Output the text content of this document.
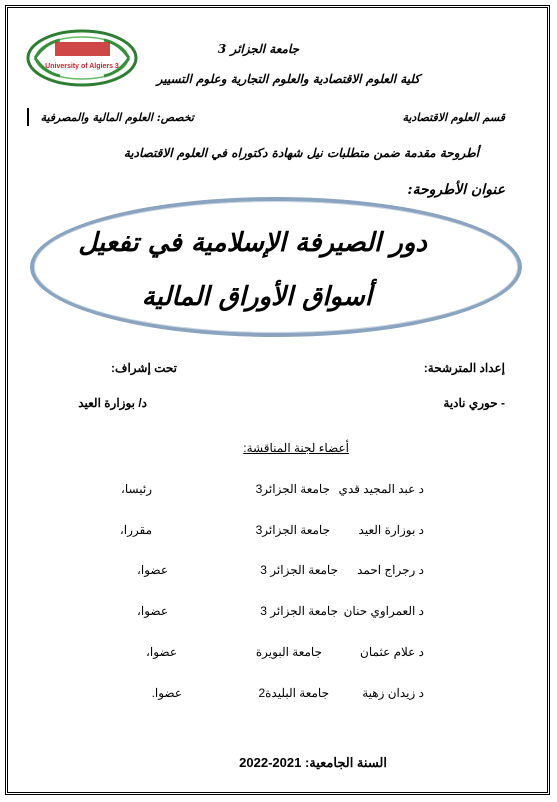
University of Algiers 3
جامعة الجزائر 3
كلية العلوم الاقتصادية والعلوم التجارية وعلوم التسيير
قسم العلوم الاقتصادية
تخصص: العلوم المالية والمصرفية
أطروحة مقدمة ضمن متطلبات نيل شهادة دكتوراه في العلوم الاقتصادية
عنوان الأطروحة:
دور الصيرفة الإسلامية في تفعيل
أسواق الأوراق المالية
إعداد المترشحة:
تحت إشراف:
- حوري نادية
د/ بوزارة العيد
أعضاء لجنة المناقشة:
د عبد المجيد قدي
جامعة الجزائر3
رئيسا،
د بوزارة العيد
جامعة الجزائر3
مقررا،
د رجراج احمد
جامعة الجزائر 3
عضوا،
د العمراوي حنان
جامعة الجزائر 3
عضوا،
د علام عثمان
جامعة البويرة
عضوا،
د زيدان زهية
جامعة البليدة2
عضوا.
السنة الجامعية: 2021-2022
